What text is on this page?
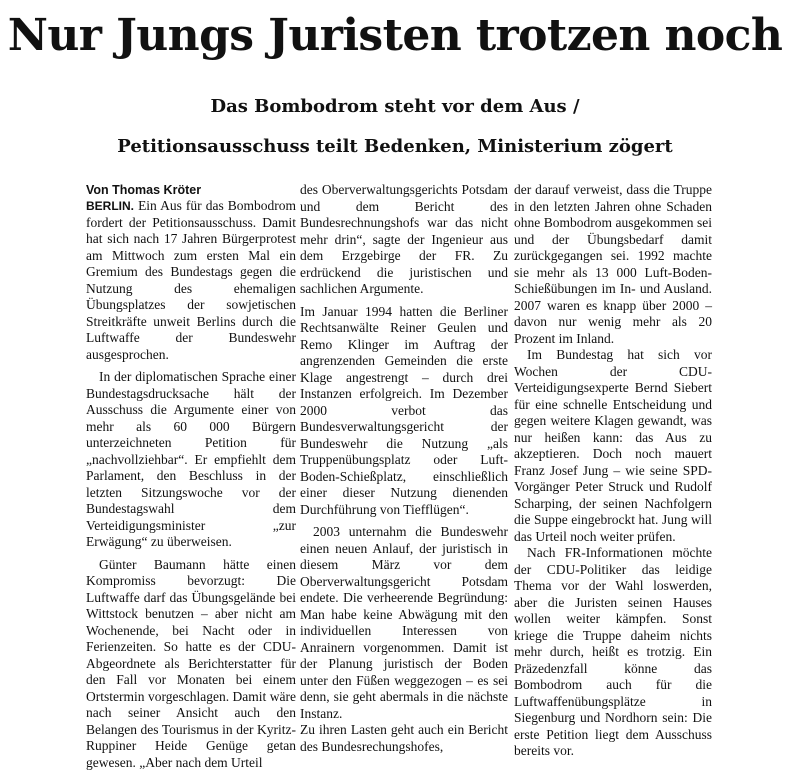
Nur Jungs Juristen trotzen noch
Das Bombodrom steht vor dem Aus /
Petitionsausschuss teilt Bedenken, Ministerium zögert
Von Thomas Kröter

BERLIN. Ein Aus für das Bombodrom fordert der Petitionsausschuss. Damit hat sich nach 17 Jahren Bürgerprotest am Mittwoch zum ersten Mal ein Gremium des Bundestags gegen die Nutzung des ehemaligen Übungsplatzes der sowjetischen Streitkräfte unweit Berlins durch die Luftwaffe der Bundeswehr ausgesprochen.

In der diplomatischen Sprache einer Bundestagsdrucksache hält der Ausschuss die Argumente einer von mehr als 60 000 Bürgern unterzeichneten Petition für „nachvollziehbar“. Er empfiehlt dem Parlament, den Beschluss in der letzten Sitzungswoche vor der Bundestagswahl dem Verteidigungsminister „zur Erwägung“ zu überweisen.

Günter Baumann hätte einen Kompromiss bevorzugt: Die Luftwaffe darf das Übungsgelände bei Wittstock benutzen – aber nicht am Wochenende, bei Nacht oder in Ferienzeiten. So hatte es der CDU-Abgeordnete als Berichterstatter für den Fall vor Monaten bei einem Ortstermin vorgeschlagen. Damit wäre nach seiner Ansicht auch den Belangen des Tourismus in der Kyritz-Ruppiner Heide Genüge getan gewesen. „Aber nach dem Urteil

des Oberverwaltungsgerichts Potsdam und dem Bericht des Bundesrechnungshofs war das nicht mehr drin“, sagte der Ingenieur aus dem Erzgebirge der FR. Zu erdrückend die juristischen und sachlichen Argumente.

Im Januar 1994 hatten die Berliner Rechtsanwälte Reiner Geulen und Remo Klinger im Auftrag der angrenzenden Gemeinden die erste Klage angestrengt – durch drei Instanzen erfolgreich. Im Dezember 2000 verbot das Bundesverwaltungsgericht der Bundeswehr die Nutzung „als Truppenübungsplatz oder Luft-Boden-Schießplatz, einschließlich einer dieser Nutzung dienenden Durchführung von Tiefflügen“.

2003 unternahm die Bundeswehr einen neuen Anlauf, der juristisch in diesem März vor dem Oberverwaltungsgericht Potsdam endete. Die verheerende Begründung: Man habe keine Abwägung mit den individuellen Interessen von Anrainern vorgenommen. Damit ist der Planung juristisch der Boden unter den Füßen weggezogen – es sei denn, sie geht abermals in die nächste Instanz.

Zu ihren Lasten geht auch ein Bericht des Bundesrechungshofes,

der darauf verweist, dass die Truppe in den letzten Jahren ohne Schaden ohne Bombodrom ausgekommen sei und der Übungsbedarf damit zurückgegangen sei. 1992 machte sie mehr als 13 000 Luft-Boden-Schießübungen im In- und Ausland. 2007 waren es knapp über 2000 – davon nur wenig mehr als 20 Prozent im Inland.

Im Bundestag hat sich vor Wochen der CDU-Verteidigungsexperte Bernd Siebert für eine schnelle Entscheidung und gegen weitere Klagen gewandt, was nur heißen kann: das Aus zu akzeptieren. Doch noch mauert Franz Josef Jung – wie seine SPD-Vorgänger Peter Struck und Rudolf Scharping, der seinen Nachfolgern die Suppe eingebrockt hat. Jung will das Urteil noch weiter prüfen.

Nach FR-Informationen möchte der CDU-Politiker das leidige Thema vor der Wahl loswerden, aber die Juristen seinen Hauses wollen weiter kämpfen. Sonst kriege die Truppe daheim nichts mehr durch, heißt es trotzig. Ein Präzedenzfall könne das Bombodrom auch für die Luftwaffenübungsplätze in Siegenburg und Nordhorn sein: Die erste Petition liegt dem Ausschuss bereits vor.
